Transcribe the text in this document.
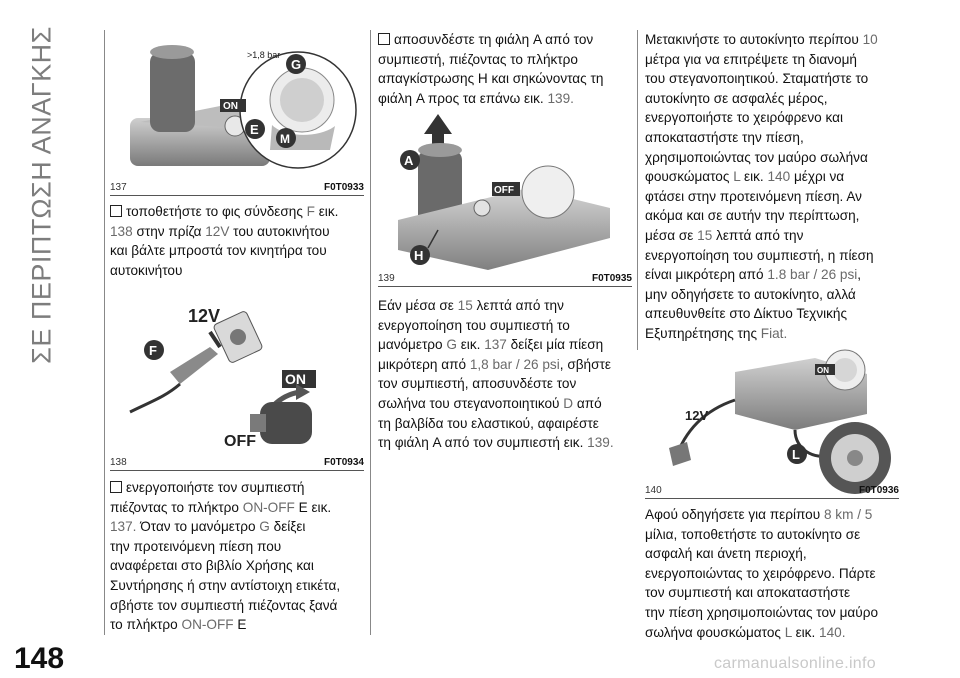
ΣΕ ΠΕΡΙΠΤΩΣΗ ΑΝΑΓΚΗΣ
148
>1,8 bar
ON
G
E
M
137	F0T0933
τοποθετήστε το φις σύνδεσης F εικ.
138 στην πρίζα 12V του αυτοκινήτου
και βάλτε μπροστά τον κινητήρα του
αυτοκινήτου
12V
F
ON
OFF
138	F0T0934
ενεργοποιήστε τον συμπιεστή
πιέζοντας το πλήκτρο ON-OFF E εικ.
137. Όταν το μανόμετρο G δείξει
την προτεινόμενη πίεση που
αναφέρεται στο βιβλίο Χρήσης και
Συντήρησης ή στην αντίστοιχη ετικέτα,
σβήστε τον συμπιεστή πιέζοντας ξανά
το πλήκτρο ON-OFF E
αποσυνδέστε τη φιάλη A από τον
συμπιεστή, πιέζοντας το πλήκτρο
απαγκίστρωσης H και σηκώνοντας τη
φιάλη A προς τα επάνω εικ. 139.
OFF
A
H
139	F0T0935
Εάν μέσα σε 15 λεπτά από την
ενεργοποίηση του συμπιεστή το
μανόμετρο G εικ. 137 δείξει μία πίεση
μικρότερη από 1,8 bar / 26 psi, σβήστε
τον συμπιεστή, αποσυνδέστε τον
σωλήνα του στεγανοποιητικού D από
τη βαλβίδα του ελαστικού, αφαιρέστε
τη φιάλη A από τον συμπιεστή εικ. 139.
Μετακινήστε το αυτοκίνητο περίπου 10
μέτρα για να επιτρέψετε τη διανομή
του στεγανοποιητικού. Σταματήστε το
αυτοκίνητο σε ασφαλές μέρος,
ενεργοποιήστε το χειρόφρενο και
αποκαταστήστε την πίεση,
χρησιμοποιώντας τον μαύρο σωλήνα
φουσκώματος L εικ. 140 μέχρι να
φτάσει στην προτεινόμενη πίεση. Αν
ακόμα και σε αυτήν την περίπτωση,
μέσα σε 15 λεπτά από την
ενεργοποίηση του συμπιεστή, η πίεση
είναι μικρότερη από 1.8 bar / 26 psi,
μην οδηγήσετε το αυτοκίνητο, αλλά
απευθυνθείτε στο Δίκτυο Τεχνικής
Εξυπηρέτησης της Fiat.
ON
12V
L
140	F0T0936
Αφού οδηγήσετε για περίπου 8 km / 5
μίλια, τοποθετήστε το αυτοκίνητο σε
ασφαλή και άνετη περιοχή,
ενεργοποιώντας το χειρόφρενο. Πάρτε
τον συμπιεστή και αποκαταστήστε
την πίεση χρησιμοποιώντας τον μαύρο
σωλήνα φουσκώματος L εικ. 140.
carmanualsonline.info
